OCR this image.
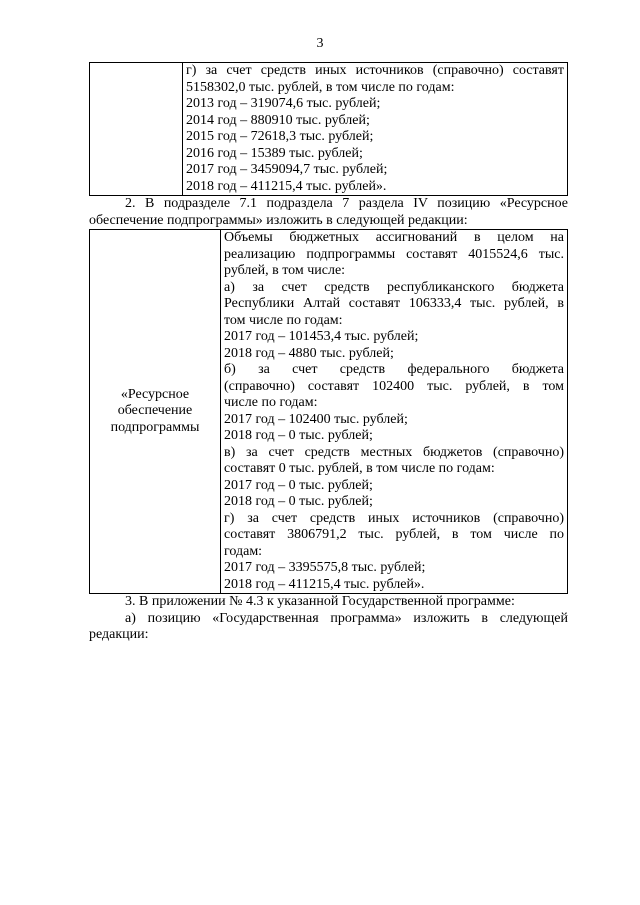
3

г) за счет средств иных источников (справочно) составят
5158302,0 тыс. рублей, в том числе по годам:
2013 год – 319074,6 тыс. рублей;
2014 год – 880910 тыс. рублей;
2015 год – 72618,3 тыс. рублей;
2016 год – 15389 тыс. рублей;
2017 год – 3459094,7 тыс. рублей;
2018 год – 411215,4 тыс. рублей».

2. В подразделе 7.1 подраздела 7 раздела IV позицию «Ресурсное
обеспечение подпрограммы» изложить в следующей редакции:

«Ресурсное
обеспечение
подпрограммы

Объемы бюджетных ассигнований в целом на
реализацию подпрограммы составят 4015524,6 тыс.
рублей, в том числе:
а) за счет средств республиканского бюджета
Республики Алтай составят 106333,4 тыс. рублей, в
том числе по годам:
2017 год – 101453,4 тыс. рублей;
2018 год – 4880 тыс. рублей;
б) за счет средств федерального бюджета
(справочно) составят 102400 тыс. рублей, в том
числе по годам:
2017 год – 102400 тыс. рублей;
2018 год – 0 тыс. рублей;
в) за счет средств местных бюджетов (справочно)
составят 0 тыс. рублей, в том числе по годам:
2017 год – 0 тыс. рублей;
2018 год – 0 тыс. рублей;
г) за счет средств иных источников (справочно)
составят 3806791,2 тыс. рублей, в том числе по
годам:
2017 год – 3395575,8 тыс. рублей;
2018 год – 411215,4 тыс. рублей».

3. В приложении № 4.3 к указанной Государственной программе:

а) позицию «Государственная программа» изложить в следующей
редакции:
